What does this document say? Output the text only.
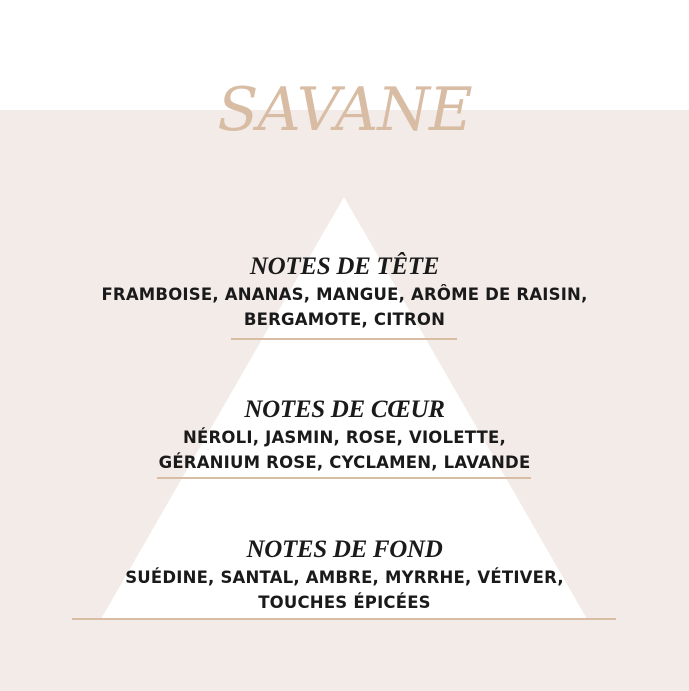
SAVANE
NOTES DE TÊTE
FRAMBOISE, ANANAS, MANGUE, ARÔME DE RAISIN,
BERGAMOTE, CITRON
NOTES DE CŒUR
NÉROLI, JASMIN, ROSE, VIOLETTE,
GÉRANIUM ROSE, CYCLAMEN, LAVANDE
NOTES DE FOND
SUÉDINE, SANTAL, AMBRE, MYRRHE, VÉTIVER,
TOUCHES ÉPICÉES
